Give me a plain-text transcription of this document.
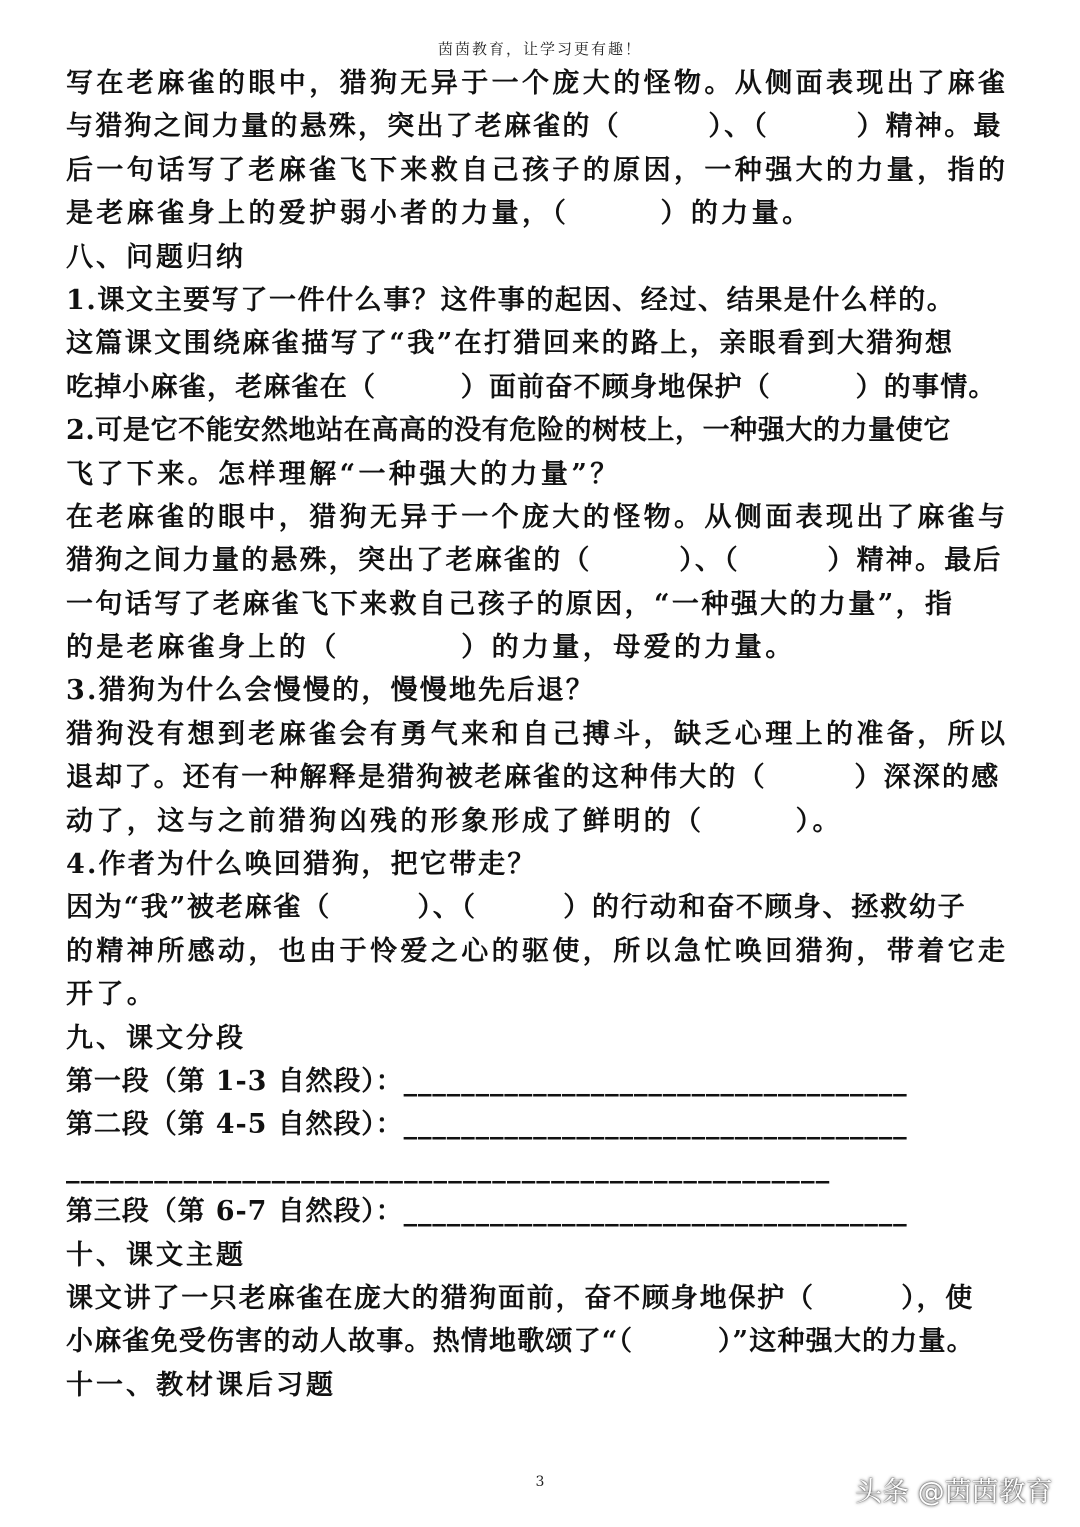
茵茵教育，让学习更有趣！
写在老麻雀的眼中，猎狗无异于一个庞大的怪物。从侧面表现出了麻雀
与猎狗之间力量的悬殊，突出了老麻雀的（　　　）、（　　　）精神。最
后一句话写了老麻雀飞下来救自己孩子的原因，一种强大的力量，指的
是老麻雀身上的爱护弱小者的力量，（　　　）的力量。
八、问题归纳
1.课文主要写了一件什么事？这件事的起因、经过、结果是什么样的。
这篇课文围绕麻雀描写了“我”在打猎回来的路上，亲眼看到大猎狗想
吃掉小麻雀，老麻雀在（　　　）面前奋不顾身地保护（　　　）的事情。
2.可是它不能安然地站在高高的没有危险的树枝上，一种强大的力量使它
飞了下来。怎样理解“一种强大的力量”？
在老麻雀的眼中，猎狗无异于一个庞大的怪物。从侧面表现出了麻雀与
猎狗之间力量的悬殊，突出了老麻雀的（　　　）、（　　　）精神。最后
一句话写了老麻雀飞下来救自己孩子的原因，“一种强大的力量”，指
的是老麻雀身上的（　　　　）的力量，母爱的力量。
3.猎狗为什么会慢慢的，慢慢地先后退？
猎狗没有想到老麻雀会有勇气来和自己搏斗，缺乏心理上的准备，所以
退却了。还有一种解释是猎狗被老麻雀的这种伟大的（　　　）深深的感
动了，这与之前猎狗凶残的形象形成了鲜明的（　　　）。
4.作者为什么唤回猎狗，把它带走？
因为“我”被老麻雀（　　　）、（　　　）的行动和奋不顾身、拯救幼子
的精神所感动，也由于怜爱之心的驱使，所以急忙唤回猎狗，带着它走
开了。
九、课文分段
第一段（第 1-3 自然段）：___________________________________
第二段（第 4-5 自然段）：___________________________________
____________________________________________________
第三段（第 6-7 自然段）：___________________________________
十、课文主题
课文讲了一只老麻雀在庞大的猎狗面前，奋不顾身地保护（　　　），使
小麻雀免受伤害的动人故事。热情地歌颂了“（　　　）”这种强大的力量。
十一、教材课后习题
3	头条 @茵茵教育
